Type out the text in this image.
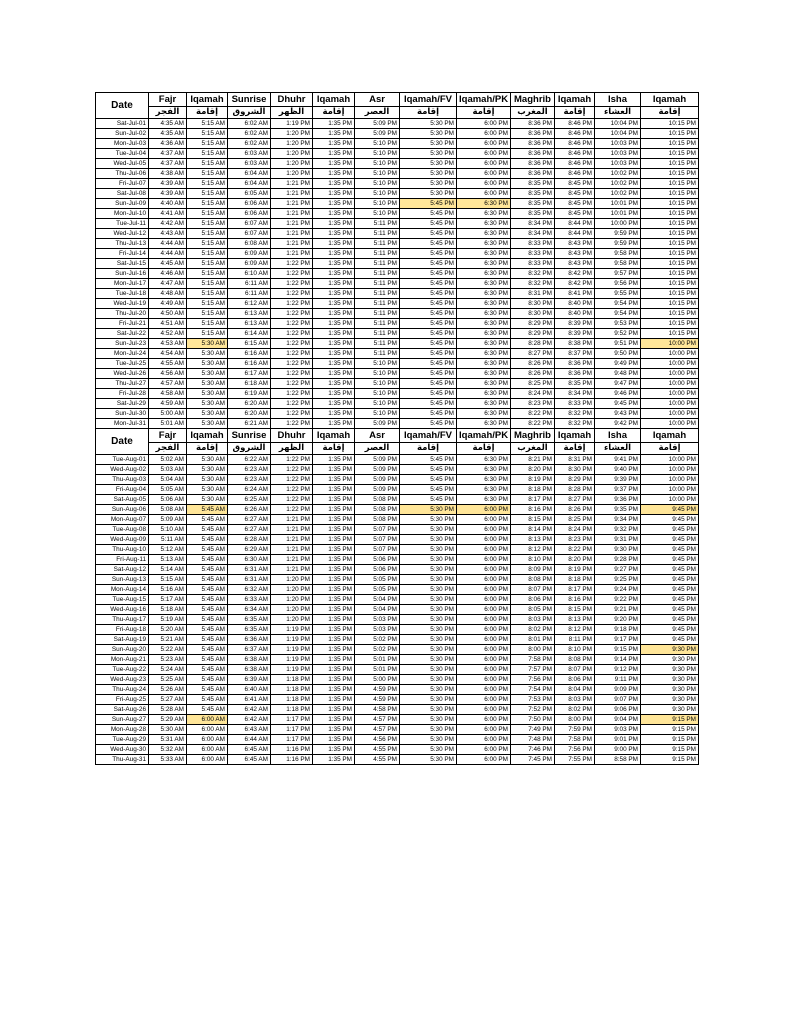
Date	Fajr	Iqamah	Sunrise	Dhuhr	Iqamah	Asr	Iqamah/FV	Iqamah/PK	Maghrib	Iqamah	Isha	Iqamah
	الفجر	إقامة	الشروق	الظهر	إقامة	العصر	إقامة	إقامة	المغرب	إقامة	العشاء	إقامة
Sat-Jul-01	4:35 AM	5:15 AM	6:02 AM	1:19 PM	1:35 PM	5:09 PM	5:30 PM	6:00 PM	8:36 PM	8:46 PM	10:04 PM	10:15 PM
Sun-Jul-02	4:35 AM	5:15 AM	6:02 AM	1:20 PM	1:35 PM	5:09 PM	5:30 PM	6:00 PM	8:36 PM	8:46 PM	10:04 PM	10:15 PM
Mon-Jul-03	4:36 AM	5:15 AM	6:02 AM	1:20 PM	1:35 PM	5:10 PM	5:30 PM	6:00 PM	8:36 PM	8:46 PM	10:03 PM	10:15 PM
Tue-Jul-04	4:37 AM	5:15 AM	6:03 AM	1:20 PM	1:35 PM	5:10 PM	5:30 PM	6:00 PM	8:36 PM	8:46 PM	10:03 PM	10:15 PM
Wed-Jul-05	4:37 AM	5:15 AM	6:03 AM	1:20 PM	1:35 PM	5:10 PM	5:30 PM	6:00 PM	8:36 PM	8:46 PM	10:03 PM	10:15 PM
Thu-Jul-06	4:38 AM	5:15 AM	6:04 AM	1:20 PM	1:35 PM	5:10 PM	5:30 PM	6:00 PM	8:36 PM	8:46 PM	10:02 PM	10:15 PM
Fri-Jul-07	4:39 AM	5:15 AM	6:04 AM	1:21 PM	1:35 PM	5:10 PM	5:30 PM	6:00 PM	8:35 PM	8:45 PM	10:02 PM	10:15 PM
Sat-Jul-08	4:39 AM	5:15 AM	6:05 AM	1:21 PM	1:35 PM	5:10 PM	5:30 PM	6:00 PM	8:35 PM	8:45 PM	10:02 PM	10:15 PM
Sun-Jul-09	4:40 AM	5:15 AM	6:06 AM	1:21 PM	1:35 PM	5:10 PM	5:45 PM	6:30 PM	8:35 PM	8:45 PM	10:01 PM	10:15 PM
Mon-Jul-10	4:41 AM	5:15 AM	6:06 AM	1:21 PM	1:35 PM	5:10 PM	5:45 PM	6:30 PM	8:35 PM	8:45 PM	10:01 PM	10:15 PM
Tue-Jul-11	4:42 AM	5:15 AM	6:07 AM	1:21 PM	1:35 PM	5:11 PM	5:45 PM	6:30 PM	8:34 PM	8:44 PM	10:00 PM	10:15 PM
Wed-Jul-12	4:43 AM	5:15 AM	6:07 AM	1:21 PM	1:35 PM	5:11 PM	5:45 PM	6:30 PM	8:34 PM	8:44 PM	9:59 PM	10:15 PM
Thu-Jul-13	4:44 AM	5:15 AM	6:08 AM	1:21 PM	1:35 PM	5:11 PM	5:45 PM	6:30 PM	8:33 PM	8:43 PM	9:59 PM	10:15 PM
Fri-Jul-14	4:44 AM	5:15 AM	6:09 AM	1:21 PM	1:35 PM	5:11 PM	5:45 PM	6:30 PM	8:33 PM	8:43 PM	9:58 PM	10:15 PM
Sat-Jul-15	4:45 AM	5:15 AM	6:09 AM	1:22 PM	1:35 PM	5:11 PM	5:45 PM	6:30 PM	8:33 PM	8:43 PM	9:58 PM	10:15 PM
Sun-Jul-16	4:46 AM	5:15 AM	6:10 AM	1:22 PM	1:35 PM	5:11 PM	5:45 PM	6:30 PM	8:32 PM	8:42 PM	9:57 PM	10:15 PM
Mon-Jul-17	4:47 AM	5:15 AM	6:11 AM	1:22 PM	1:35 PM	5:11 PM	5:45 PM	6:30 PM	8:32 PM	8:42 PM	9:56 PM	10:15 PM
Tue-Jul-18	4:48 AM	5:15 AM	6:11 AM	1:22 PM	1:35 PM	5:11 PM	5:45 PM	6:30 PM	8:31 PM	8:41 PM	9:55 PM	10:15 PM
Wed-Jul-19	4:49 AM	5:15 AM	6:12 AM	1:22 PM	1:35 PM	5:11 PM	5:45 PM	6:30 PM	8:30 PM	8:40 PM	9:54 PM	10:15 PM
Thu-Jul-20	4:50 AM	5:15 AM	6:13 AM	1:22 PM	1:35 PM	5:11 PM	5:45 PM	6:30 PM	8:30 PM	8:40 PM	9:54 PM	10:15 PM
Fri-Jul-21	4:51 AM	5:15 AM	6:13 AM	1:22 PM	1:35 PM	5:11 PM	5:45 PM	6:30 PM	8:29 PM	8:39 PM	9:53 PM	10:15 PM
Sat-Jul-22	4:52 AM	5:15 AM	6:14 AM	1:22 PM	1:35 PM	5:11 PM	5:45 PM	6:30 PM	8:29 PM	8:39 PM	9:52 PM	10:15 PM
Sun-Jul-23	4:53 AM	5:30 AM	6:15 AM	1:22 PM	1:35 PM	5:11 PM	5:45 PM	6:30 PM	8:28 PM	8:38 PM	9:51 PM	10:00 PM
Mon-Jul-24	4:54 AM	5:30 AM	6:16 AM	1:22 PM	1:35 PM	5:11 PM	5:45 PM	6:30 PM	8:27 PM	8:37 PM	9:50 PM	10:00 PM
Tue-Jul-25	4:55 AM	5:30 AM	6:16 AM	1:22 PM	1:35 PM	5:10 PM	5:45 PM	6:30 PM	8:26 PM	8:36 PM	9:49 PM	10:00 PM
Wed-Jul-26	4:56 AM	5:30 AM	6:17 AM	1:22 PM	1:35 PM	5:10 PM	5:45 PM	6:30 PM	8:26 PM	8:36 PM	9:48 PM	10:00 PM
Thu-Jul-27	4:57 AM	5:30 AM	6:18 AM	1:22 PM	1:35 PM	5:10 PM	5:45 PM	6:30 PM	8:25 PM	8:35 PM	9:47 PM	10:00 PM
Fri-Jul-28	4:58 AM	5:30 AM	6:19 AM	1:22 PM	1:35 PM	5:10 PM	5:45 PM	6:30 PM	8:24 PM	8:34 PM	9:46 PM	10:00 PM
Sat-Jul-29	4:59 AM	5:30 AM	6:20 AM	1:22 PM	1:35 PM	5:10 PM	5:45 PM	6:30 PM	8:23 PM	8:33 PM	9:45 PM	10:00 PM
Sun-Jul-30	5:00 AM	5:30 AM	6:20 AM	1:22 PM	1:35 PM	5:10 PM	5:45 PM	6:30 PM	8:22 PM	8:32 PM	9:43 PM	10:00 PM
Mon-Jul-31	5:01 AM	5:30 AM	6:21 AM	1:22 PM	1:35 PM	5:09 PM	5:45 PM	6:30 PM	8:22 PM	8:32 PM	9:42 PM	10:00 PM
Date	Fajr	Iqamah	Sunrise	Dhuhr	Iqamah	Asr	Iqamah/FV	Iqamah/PK	Maghrib	Iqamah	Isha	Iqamah
	الفجر	إقامة	الشروق	الظهر	إقامة	العصر	إقامة	إقامة	المغرب	إقامة	العشاء	إقامة
Tue-Aug-01	5:02 AM	5:30 AM	6:22 AM	1:22 PM	1:35 PM	5:09 PM	5:45 PM	6:30 PM	8:21 PM	8:31 PM	9:41 PM	10:00 PM
Wed-Aug-02	5:03 AM	5:30 AM	6:23 AM	1:22 PM	1:35 PM	5:09 PM	5:45 PM	6:30 PM	8:20 PM	8:30 PM	9:40 PM	10:00 PM
Thu-Aug-03	5:04 AM	5:30 AM	6:23 AM	1:22 PM	1:35 PM	5:09 PM	5:45 PM	6:30 PM	8:19 PM	8:29 PM	9:39 PM	10:00 PM
Fri-Aug-04	5:05 AM	5:30 AM	6:24 AM	1:22 PM	1:35 PM	5:09 PM	5:45 PM	6:30 PM	8:18 PM	8:28 PM	9:37 PM	10:00 PM
Sat-Aug-05	5:06 AM	5:30 AM	6:25 AM	1:22 PM	1:35 PM	5:08 PM	5:45 PM	6:30 PM	8:17 PM	8:27 PM	9:36 PM	10:00 PM
Sun-Aug-06	5:08 AM	5:45 AM	6:26 AM	1:22 PM	1:35 PM	5:08 PM	5:30 PM	6:00 PM	8:16 PM	8:26 PM	9:35 PM	9:45 PM
Mon-Aug-07	5:09 AM	5:45 AM	6:27 AM	1:21 PM	1:35 PM	5:08 PM	5:30 PM	6:00 PM	8:15 PM	8:25 PM	9:34 PM	9:45 PM
Tue-Aug-08	5:10 AM	5:45 AM	6:27 AM	1:21 PM	1:35 PM	5:07 PM	5:30 PM	6:00 PM	8:14 PM	8:24 PM	9:32 PM	9:45 PM
Wed-Aug-09	5:11 AM	5:45 AM	6:28 AM	1:21 PM	1:35 PM	5:07 PM	5:30 PM	6:00 PM	8:13 PM	8:23 PM	9:31 PM	9:45 PM
Thu-Aug-10	5:12 AM	5:45 AM	6:29 AM	1:21 PM	1:35 PM	5:07 PM	5:30 PM	6:00 PM	8:12 PM	8:22 PM	9:30 PM	9:45 PM
Fri-Aug-11	5:13 AM	5:45 AM	6:30 AM	1:21 PM	1:35 PM	5:06 PM	5:30 PM	6:00 PM	8:10 PM	8:20 PM	9:28 PM	9:45 PM
Sat-Aug-12	5:14 AM	5:45 AM	6:31 AM	1:21 PM	1:35 PM	5:06 PM	5:30 PM	6:00 PM	8:09 PM	8:19 PM	9:27 PM	9:45 PM
Sun-Aug-13	5:15 AM	5:45 AM	6:31 AM	1:20 PM	1:35 PM	5:05 PM	5:30 PM	6:00 PM	8:08 PM	8:18 PM	9:25 PM	9:45 PM
Mon-Aug-14	5:16 AM	5:45 AM	6:32 AM	1:20 PM	1:35 PM	5:05 PM	5:30 PM	6:00 PM	8:07 PM	8:17 PM	9:24 PM	9:45 PM
Tue-Aug-15	5:17 AM	5:45 AM	6:33 AM	1:20 PM	1:35 PM	5:04 PM	5:30 PM	6:00 PM	8:06 PM	8:16 PM	9:22 PM	9:45 PM
Wed-Aug-16	5:18 AM	5:45 AM	6:34 AM	1:20 PM	1:35 PM	5:04 PM	5:30 PM	6:00 PM	8:05 PM	8:15 PM	9:21 PM	9:45 PM
Thu-Aug-17	5:19 AM	5:45 AM	6:35 AM	1:20 PM	1:35 PM	5:03 PM	5:30 PM	6:00 PM	8:03 PM	8:13 PM	9:20 PM	9:45 PM
Fri-Aug-18	5:20 AM	5:45 AM	6:35 AM	1:19 PM	1:35 PM	5:03 PM	5:30 PM	6:00 PM	8:02 PM	8:12 PM	9:18 PM	9:45 PM
Sat-Aug-19	5:21 AM	5:45 AM	6:36 AM	1:19 PM	1:35 PM	5:02 PM	5:30 PM	6:00 PM	8:01 PM	8:11 PM	9:17 PM	9:45 PM
Sun-Aug-20	5:22 AM	5:45 AM	6:37 AM	1:19 PM	1:35 PM	5:02 PM	5:30 PM	6:00 PM	8:00 PM	8:10 PM	9:15 PM	9:30 PM
Mon-Aug-21	5:23 AM	5:45 AM	6:38 AM	1:19 PM	1:35 PM	5:01 PM	5:30 PM	6:00 PM	7:58 PM	8:08 PM	9:14 PM	9:30 PM
Tue-Aug-22	5:24 AM	5:45 AM	6:38 AM	1:19 PM	1:35 PM	5:01 PM	5:30 PM	6:00 PM	7:57 PM	8:07 PM	9:12 PM	9:30 PM
Wed-Aug-23	5:25 AM	5:45 AM	6:39 AM	1:18 PM	1:35 PM	5:00 PM	5:30 PM	6:00 PM	7:56 PM	8:06 PM	9:11 PM	9:30 PM
Thu-Aug-24	5:26 AM	5:45 AM	6:40 AM	1:18 PM	1:35 PM	4:59 PM	5:30 PM	6:00 PM	7:54 PM	8:04 PM	9:09 PM	9:30 PM
Fri-Aug-25	5:27 AM	5:45 AM	6:41 AM	1:18 PM	1:35 PM	4:59 PM	5:30 PM	6:00 PM	7:53 PM	8:03 PM	9:07 PM	9:30 PM
Sat-Aug-26	5:28 AM	5:45 AM	6:42 AM	1:18 PM	1:35 PM	4:58 PM	5:30 PM	6:00 PM	7:52 PM	8:02 PM	9:06 PM	9:30 PM
Sun-Aug-27	5:29 AM	6:00 AM	6:42 AM	1:17 PM	1:35 PM	4:57 PM	5:30 PM	6:00 PM	7:50 PM	8:00 PM	9:04 PM	9:15 PM
Mon-Aug-28	5:30 AM	6:00 AM	6:43 AM	1:17 PM	1:35 PM	4:57 PM	5:30 PM	6:00 PM	7:49 PM	7:59 PM	9:03 PM	9:15 PM
Tue-Aug-29	5:31 AM	6:00 AM	6:44 AM	1:17 PM	1:35 PM	4:56 PM	5:30 PM	6:00 PM	7:48 PM	7:58 PM	9:01 PM	9:15 PM
Wed-Aug-30	5:32 AM	6:00 AM	6:45 AM	1:16 PM	1:35 PM	4:55 PM	5:30 PM	6:00 PM	7:46 PM	7:56 PM	9:00 PM	9:15 PM
Thu-Aug-31	5:33 AM	6:00 AM	6:45 AM	1:16 PM	1:35 PM	4:55 PM	5:30 PM	6:00 PM	7:45 PM	7:55 PM	8:58 PM	9:15 PM
